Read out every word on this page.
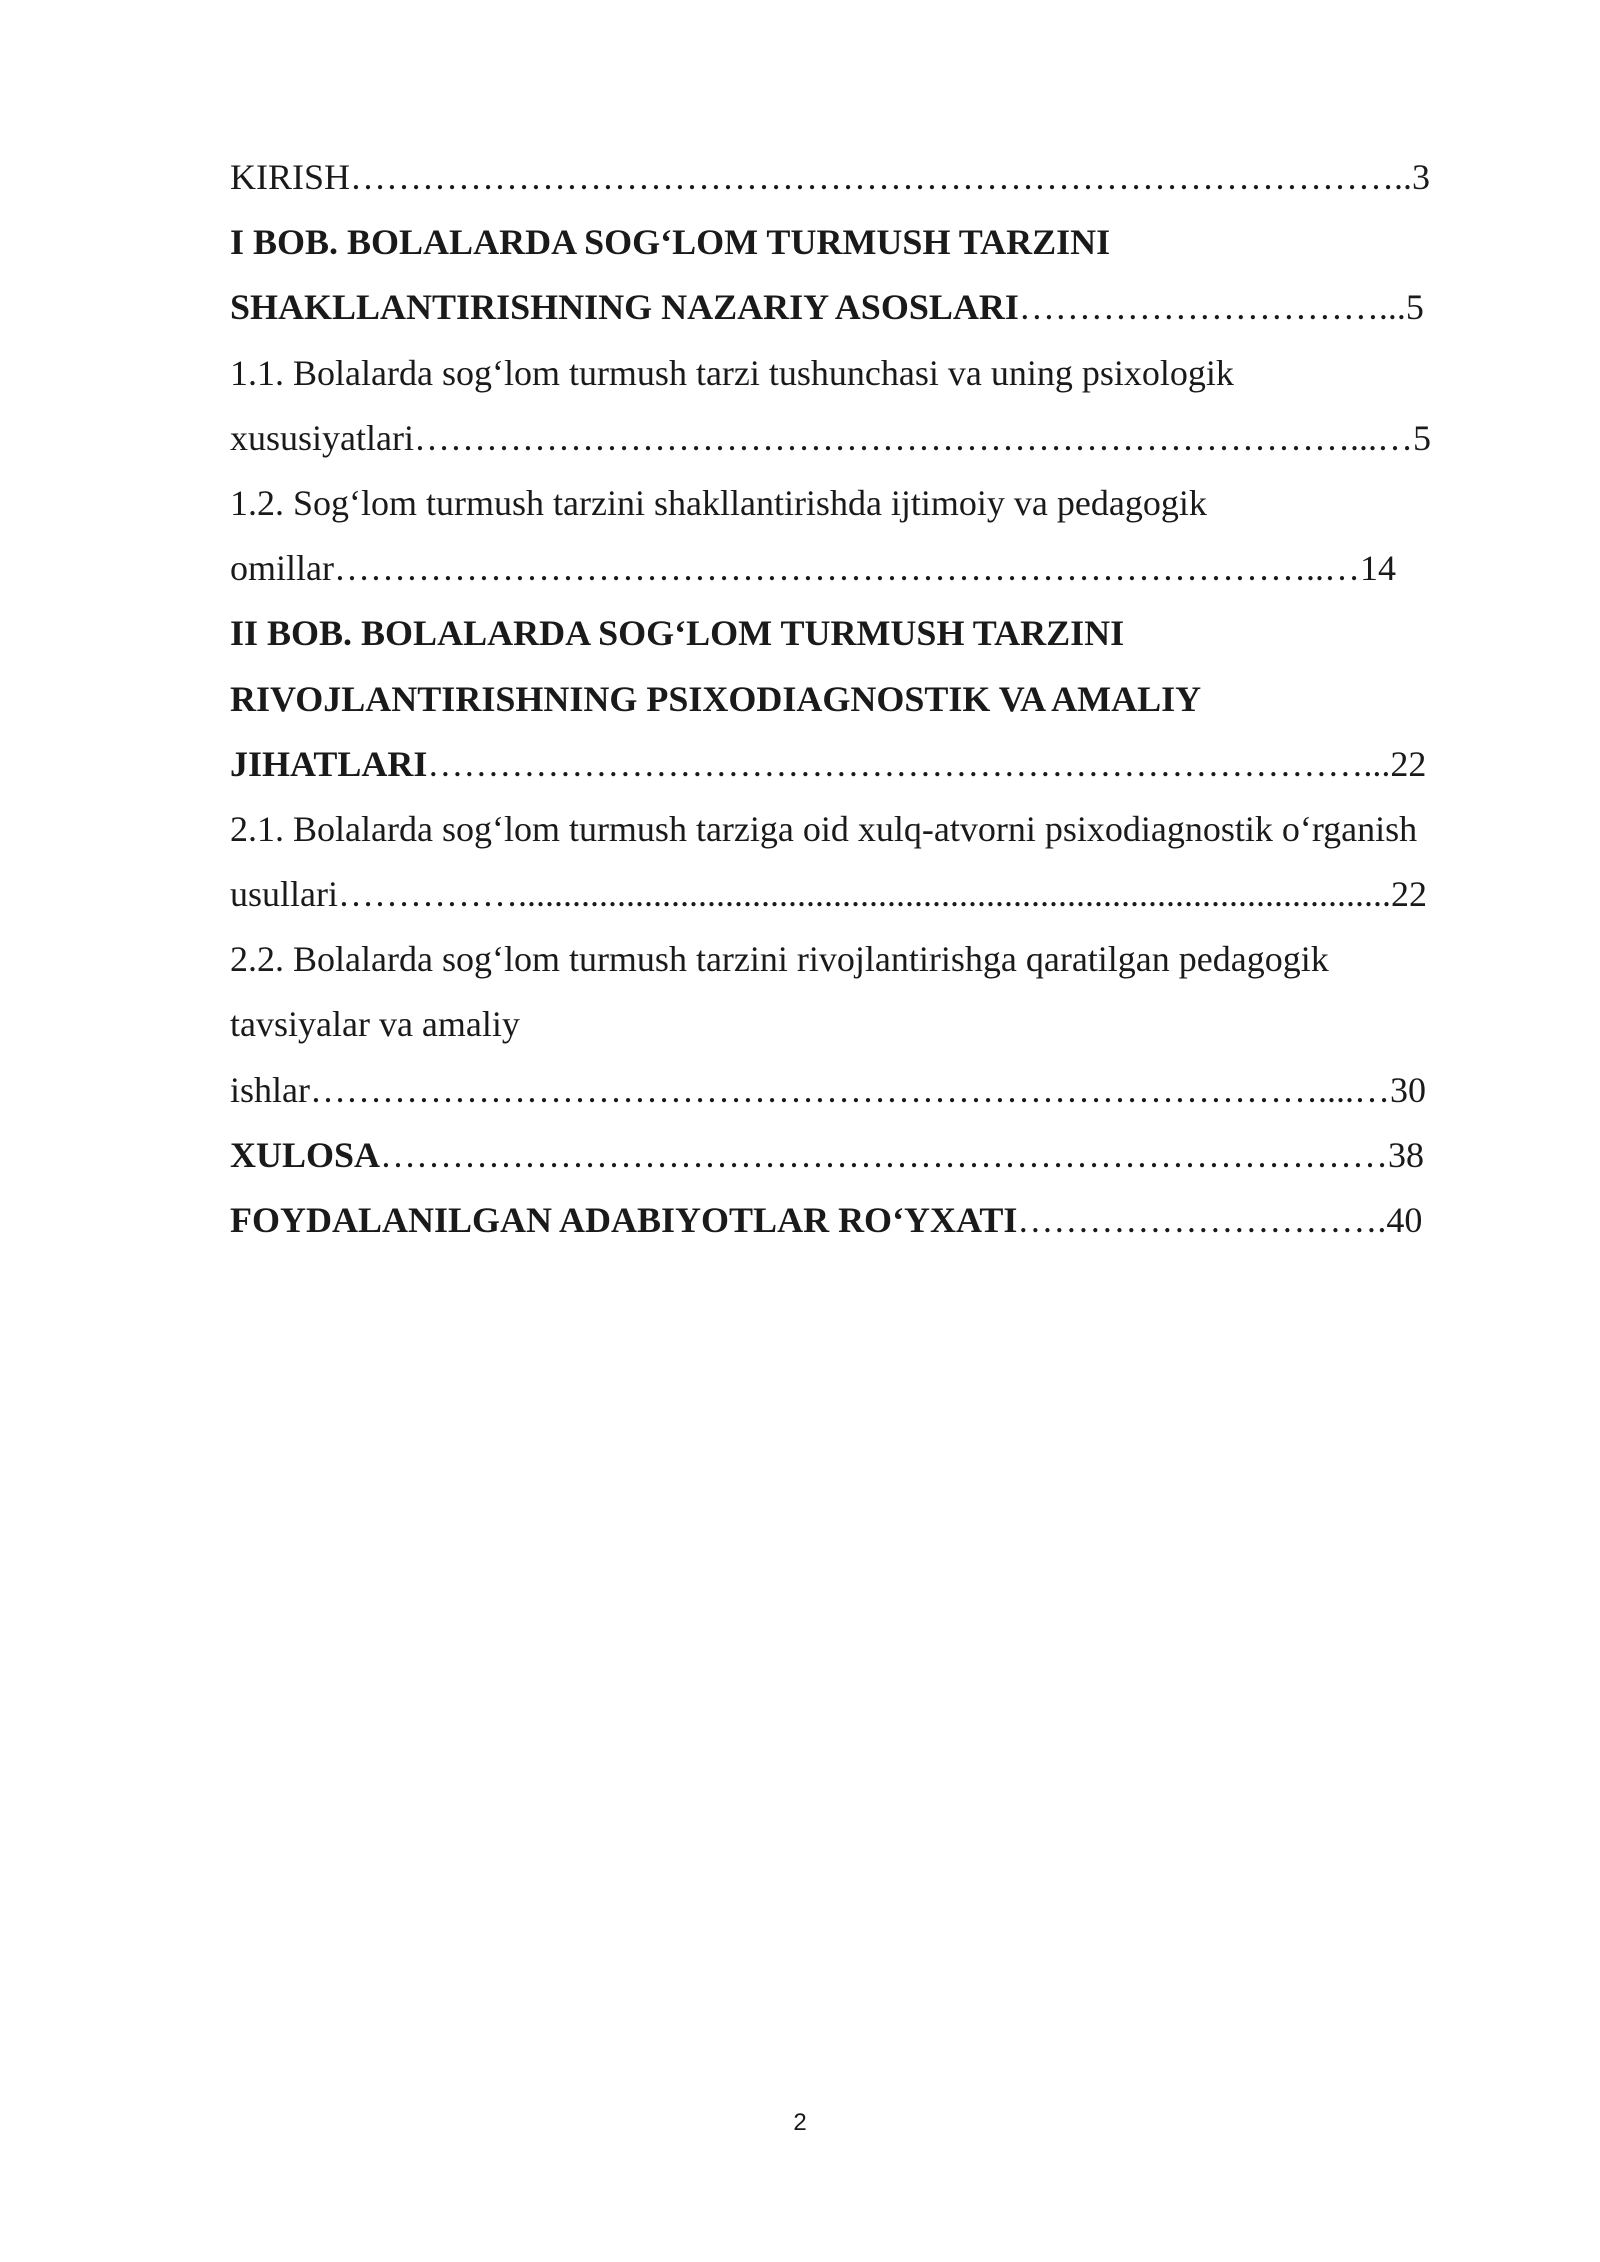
KIRISH……………………………………………………………………………..3
I BOB. BOLALARDA SOG‘LOM TURMUSH TARZINI
SHAKLLANTIRISHNING NAZARIY ASOSLARI…………………………...5
1.1. Bolalarda sog‘lom turmush tarzi tushunchasi va uning psixologik
xususiyatlari……………………………………………………………………...…5
1.2. Sog‘lom turmush tarzini shakllantirishda ijtimoiy va pedagogik
omillar………………………………………………………………………..…14
II BOB. BOLALARDA SOG‘LOM TURMUSH TARZINI
RIVOJLANTIRISHNING PSIXODIAGNOSTIK VA AMALIY
JIHATLARI……………………………………………………………………...22
2.1. Bolalarda sog‘lom turmush tarziga oid xulq-atvorni psixodiagnostik o‘rganish
usullari…………….................................................................................................22
2.2. Bolalarda sog‘lom turmush tarzini rivojlantirishga qaratilgan pedagogik
tavsiyalar va amaliy
ishlar…………………………………………………………………………....…30
XULOSA…………………………………………………………………………38
FOYDALANILGAN ADABIYOTLAR RO‘YXATI………………………….40
2
